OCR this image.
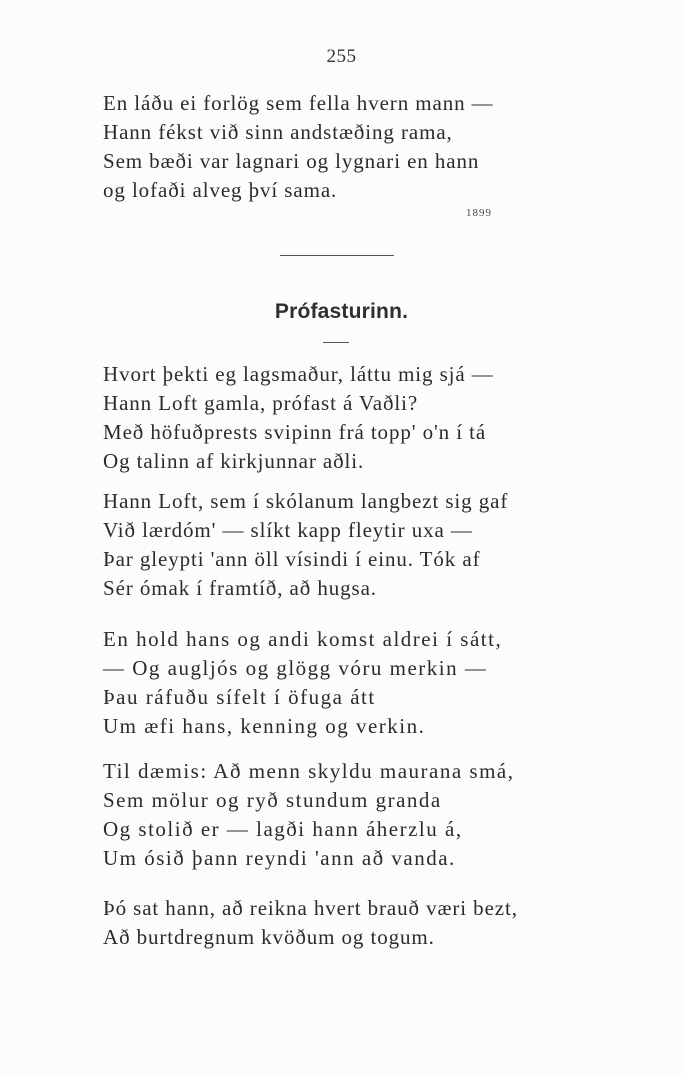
255
En láðu ei forlög sem fella hvern mann —
Hann fékst við sinn andstæðing rama,
Sem bæði var lagnari og lygnari en hann
og lofaði alveg því sama.
1899
Prófasturinn.
Hvort þekti eg lagsmaður, láttu mig sjá —
Hann Loft gamla, prófast á Vaðli?
Með höfuðprests svipinn frá topp' o'n í tá
Og talinn af kirkjunnar aðli.
Hann Loft, sem í skólanum langbezt sig gaf
Við lærdóm' — slíkt kapp fleytir uxa —
Þar gleypti 'ann öll vísindi í einu. Tók af
Sér ómak í framtíð, að hugsa.
En hold hans og andi komst aldrei í sátt,
— Og augljós og glögg vóru merkin —
Þau ráfuðu sífelt í öfuga átt
Um æfi hans, kenning og verkin.
Til dæmis: Að menn skyldu maurana smá,
Sem mölur og ryð stundum granda
Og stolið er — lagði hann áherzlu á,
Um ósið þann reyndi 'ann að vanda.
Þó sat hann, að reikna hvert brauð væri bezt,
Að burtdregnum kvöðum og togum.
